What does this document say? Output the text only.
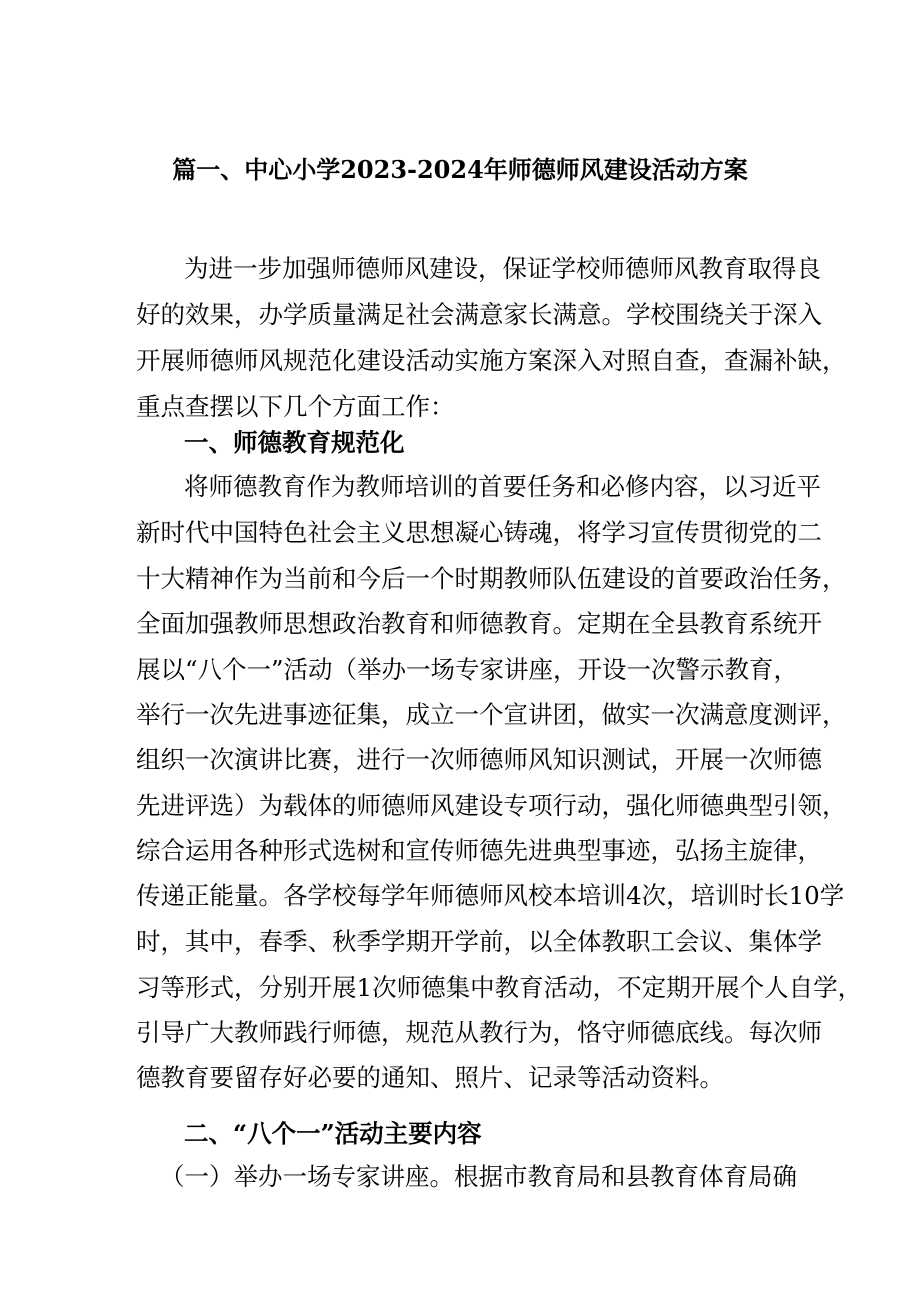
篇一、中心小学2023-2024年师德师风建设活动方案
为进一步加强师德师风建设，保证学校师德师风教育取得良
好的效果，办学质量满足社会满意家长满意。学校围绕关于深入
开展师德师风规范化建设活动实施方案深入对照自查，查漏补缺，
重点查摆以下几个方面工作：
一、师德教育规范化
将师德教育作为教师培训的首要任务和必修内容，以习近平
新时代中国特色社会主义思想凝心铸魂，将学习宣传贯彻党的二
十大精神作为当前和今后一个时期教师队伍建设的首要政治任务，
全面加强教师思想政治教育和师德教育。定期在全县教育系统开
展以“八个一”活动（举办一场专家讲座，开设一次警示教育，
举行一次先进事迹征集，成立一个宣讲团，做实一次满意度测评，
组织一次演讲比赛，进行一次师德师风知识测试，开展一次师德
先进评选）为载体的师德师风建设专项行动，强化师德典型引领，
综合运用各种形式选树和宣传师德先进典型事迹，弘扬主旋律，
传递正能量。各学校每学年师德师风校本培训4次，培训时长10学
时，其中，春季、秋季学期开学前，以全体教职工会议、集体学
习等形式，分别开展1次师德集中教育活动，不定期开展个人自学，
引导广大教师践行师德，规范从教行为，恪守师德底线。每次师
德教育要留存好必要的通知、照片、记录等活动资料。
二、“八个一”活动主要内容
（一）举办一场专家讲座。根据市教育局和县教育体育局确
